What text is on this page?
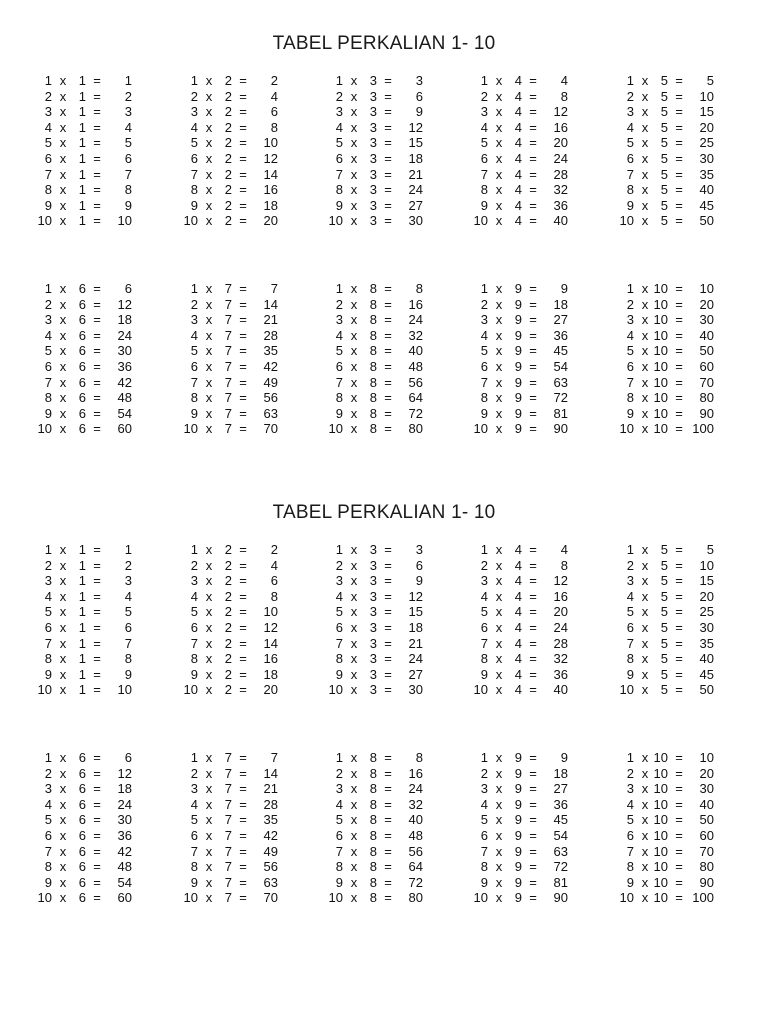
TABEL PERKALIAN 1- 10
1 x 1 =	1
2 x 1 =	2
3 x 1 =	3
4 x 1 =	4
5 x 1 =	5
6 x 1 =	6
7 x 1 =	7
8 x 1 =	8
9 x 1 =	9
10 x 1 =	10
1 x 2 =	2
2 x 2 =	4
3 x 2 =	6
4 x 2 =	8
5 x 2 =	10
6 x 2 =	12
7 x 2 =	14
8 x 2 =	16
9 x 2 =	18
10 x 2 =	20
1 x 3 =	3
2 x 3 =	6
3 x 3 =	9
4 x 3 =	12
5 x 3 =	15
6 x 3 =	18
7 x 3 =	21
8 x 3 =	24
9 x 3 =	27
10 x 3 =	30
1 x 4 =	4
2 x 4 =	8
3 x 4 =	12
4 x 4 =	16
5 x 4 =	20
6 x 4 =	24
7 x 4 =	28
8 x 4 =	32
9 x 4 =	36
10 x 4 =	40
1 x 5 =	5
2 x 5 =	10
3 x 5 =	15
4 x 5 =	20
5 x 5 =	25
6 x 5 =	30
7 x 5 =	35
8 x 5 =	40
9 x 5 =	45
10 x 5 =	50
1 x 6 =	6
2 x 6 =	12
3 x 6 =	18
4 x 6 =	24
5 x 6 =	30
6 x 6 =	36
7 x 6 =	42
8 x 6 =	48
9 x 6 =	54
10 x 6 =	60
1 x 7 =	7
2 x 7 =	14
3 x 7 =	21
4 x 7 =	28
5 x 7 =	35
6 x 7 =	42
7 x 7 =	49
8 x 7 =	56
9 x 7 =	63
10 x 7 =	70
1 x 8 =	8
2 x 8 =	16
3 x 8 =	24
4 x 8 =	32
5 x 8 =	40
6 x 8 =	48
7 x 8 =	56
8 x 8 =	64
9 x 8 =	72
10 x 8 =	80
1 x 9 =	9
2 x 9 =	18
3 x 9 =	27
4 x 9 =	36
5 x 9 =	45
6 x 9 =	54
7 x 9 =	63
8 x 9 =	72
9 x 9 =	81
10 x 9 =	90
1 x 10 =	10
2 x 10 =	20
3 x 10 =	30
4 x 10 =	40
5 x 10 =	50
6 x 10 =	60
7 x 10 =	70
8 x 10 =	80
9 x 10 =	90
10 x 10 = 100
TABEL PERKALIAN 1- 10
1 x 1 =	1
2 x 1 =	2
3 x 1 =	3
4 x 1 =	4
5 x 1 =	5
6 x 1 =	6
7 x 1 =	7
8 x 1 =	8
9 x 1 =	9
10 x 1 =	10
1 x 2 =	2
2 x 2 =	4
3 x 2 =	6
4 x 2 =	8
5 x 2 =	10
6 x 2 =	12
7 x 2 =	14
8 x 2 =	16
9 x 2 =	18
10 x 2 =	20
1 x 3 =	3
2 x 3 =	6
3 x 3 =	9
4 x 3 =	12
5 x 3 =	15
6 x 3 =	18
7 x 3 =	21
8 x 3 =	24
9 x 3 =	27
10 x 3 =	30
1 x 4 =	4
2 x 4 =	8
3 x 4 =	12
4 x 4 =	16
5 x 4 =	20
6 x 4 =	24
7 x 4 =	28
8 x 4 =	32
9 x 4 =	36
10 x 4 =	40
1 x 5 =	5
2 x 5 =	10
3 x 5 =	15
4 x 5 =	20
5 x 5 =	25
6 x 5 =	30
7 x 5 =	35
8 x 5 =	40
9 x 5 =	45
10 x 5 =	50
1 x 6 =	6
2 x 6 =	12
3 x 6 =	18
4 x 6 =	24
5 x 6 =	30
6 x 6 =	36
7 x 6 =	42
8 x 6 =	48
9 x 6 =	54
10 x 6 =	60
1 x 7 =	7
2 x 7 =	14
3 x 7 =	21
4 x 7 =	28
5 x 7 =	35
6 x 7 =	42
7 x 7 =	49
8 x 7 =	56
9 x 7 =	63
10 x 7 =	70
1 x 8 =	8
2 x 8 =	16
3 x 8 =	24
4 x 8 =	32
5 x 8 =	40
6 x 8 =	48
7 x 8 =	56
8 x 8 =	64
9 x 8 =	72
10 x 8 =	80
1 x 9 =	9
2 x 9 =	18
3 x 9 =	27
4 x 9 =	36
5 x 9 =	45
6 x 9 =	54
7 x 9 =	63
8 x 9 =	72
9 x 9 =	81
10 x 9 =	90
1 x 10 =	10
2 x 10 =	20
3 x 10 =	30
4 x 10 =	40
5 x 10 =	50
6 x 10 =	60
7 x 10 =	70
8 x 10 =	80
9 x 10 =	90
10 x 10 = 100
